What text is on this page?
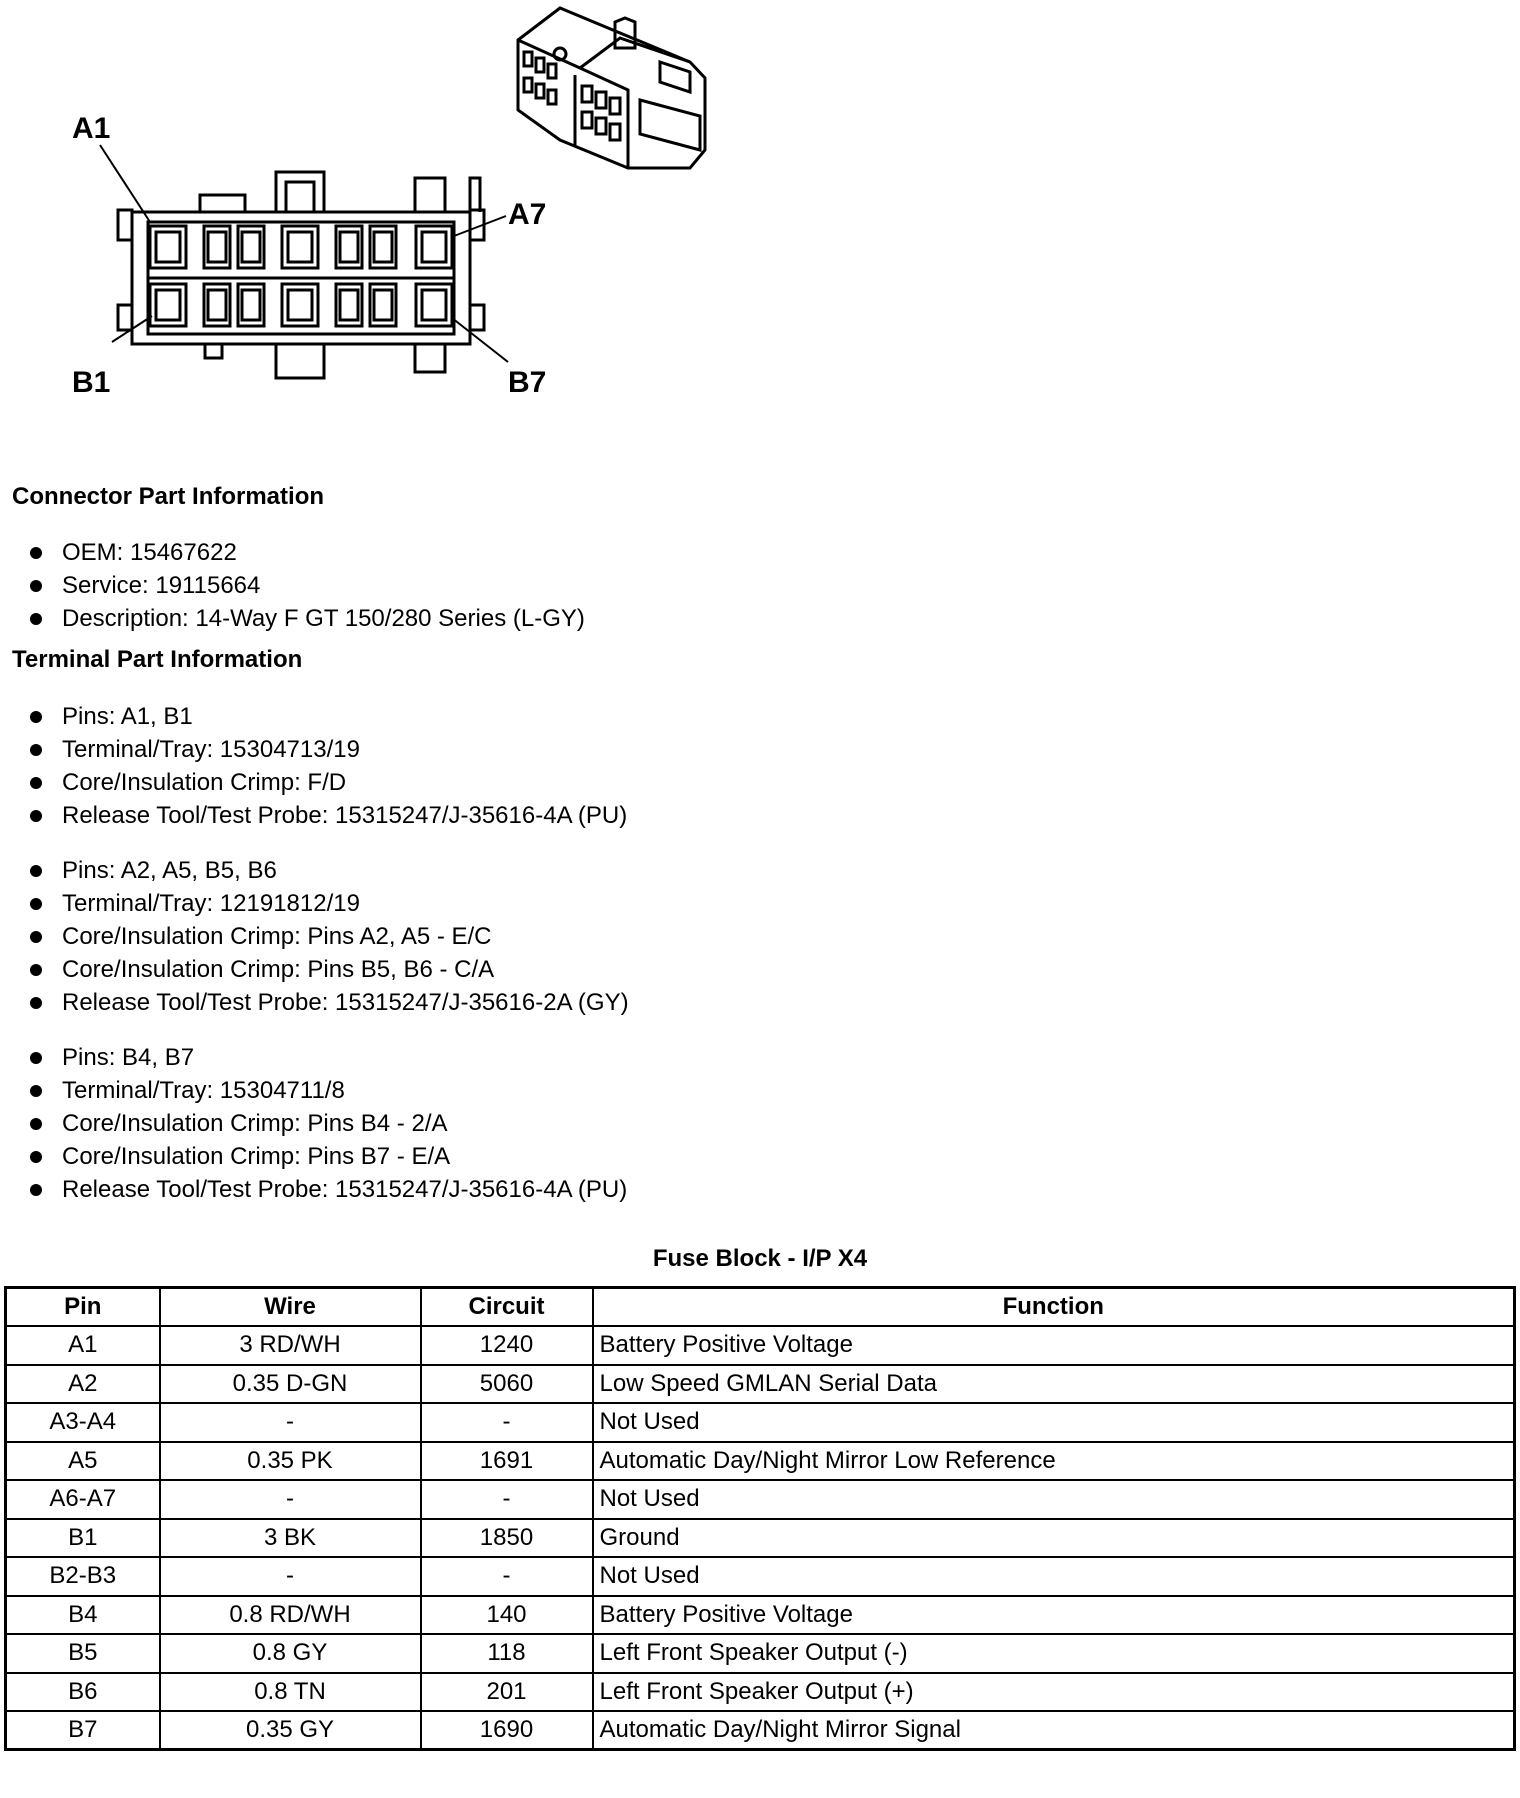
A1
A7
B1	B7
Connector Part Information
OEM: 15467622
Service: 19115664
Description: 14-Way F GT 150/280 Series (L-GY)
Terminal Part Information
Pins: A1, B1
Terminal/Tray: 15304713/19
Core/Insulation Crimp: F/D
Release Tool/Test Probe: 15315247/J-35616-4A (PU)
Pins: A2, A5, B5, B6
Terminal/Tray: 12191812/19
Core/Insulation Crimp: Pins A2, A5 - E/C
Core/Insulation Crimp: Pins B5, B6 - C/A
Release Tool/Test Probe: 15315247/J-35616-2A (GY)
Pins: B4, B7
Terminal/Tray: 15304711/8
Core/Insulation Crimp: Pins B4 - 2/A
Core/Insulation Crimp: Pins B7 - E/A
Release Tool/Test Probe: 15315247/J-35616-4A (PU)
Fuse Block - I/P X4
Pin	Wire	Circuit	Function
A1	3 RD/WH	1240	Battery Positive Voltage
A2	0.35 D-GN	5060	Low Speed GMLAN Serial Data
A3-A4	-	-	Not Used
A5	0.35 PK	1691	Automatic Day/Night Mirror Low Reference
A6-A7	-	-	Not Used
B1	3 BK	1850	Ground
B2-B3	-	-	Not Used
B4	0.8 RD/WH	140	Battery Positive Voltage
B5	0.8 GY	118	Left Front Speaker Output (-)
B6	0.8 TN	201	Left Front Speaker Output (+)
B7	0.35 GY	1690	Automatic Day/Night Mirror Signal
